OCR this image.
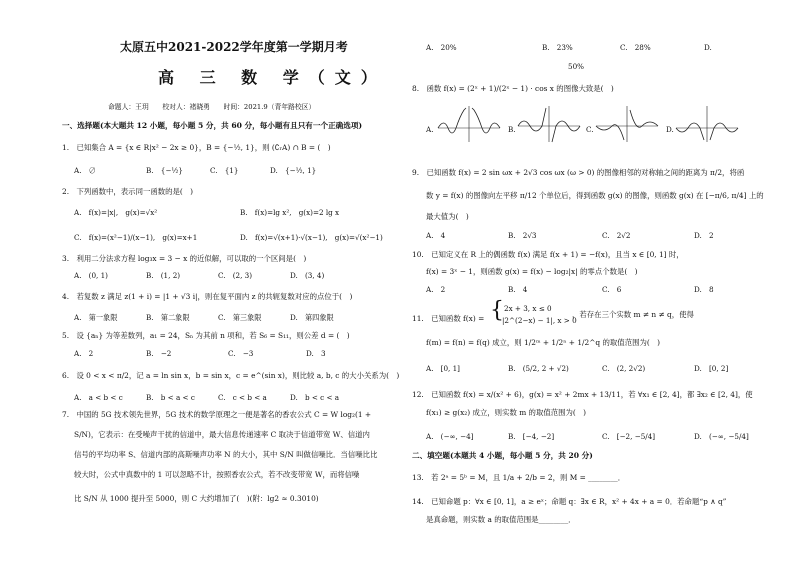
太原五中2021-2022学年度第一学期月考
高 三 数 学（文）
命题人：王玥　　校对人：褚晓勇　　时间：2021.9（青年路校区）
一、选择题(本大题共 12 小题，每小题 5 分，共 60 分，每小题有且只有一个正确选项)
1.　已知集合 A = {x ∈ R|x² − 2x ≥ 0}，B = {−½, 1}，则 (∁ᵣA) ∩ B = (　)
A.　∅	B.　{−½}	C.　{1}	D.　{−½, 1}
2.　下列函数中，表示同一函数的是(　)
A.　f(x)=|x|,　g(x)=√x²	B.　f(x)=lg x²,　g(x)=2 lg x
C.　f(x)=(x²−1)/(x−1),　g(x)=x+1	D.　f(x)=√(x+1)·√(x−1),　g(x)=√(x²−1)
3.　利用二分法求方程 log₃x = 3 − x 的近似解，可以取的一个区间是(　)
A.　(0, 1)	B.　(1, 2)	C.　(2, 3)	D.　(3, 4)
4.　若复数 z 满足 z(1 + i) = |1 + √3 i|，则在复平面内 z 的共轭复数对应的点位于(　)
A.　第一象限	B.　第二象限	C.　第三象限	D.　第四象限
5.　设 {aₙ} 为等差数列，a₁ = 24，Sₙ 为其前 n 项和，若 S₆ = S₁₁，则公差 d = (　)
A.　2	B.　−2	C.　−3	D.　3
6.　设 0 < x < π/2，记 a = ln sin x，b = sin x，c = e^(sin x)，则比较 a, b, c 的大小关系为(　)
A.　a < b < c	B.　b < a < c	C.　c < b < a	D.　b < c < a
7.　中国的 5G 技术领先世界，5G 技术的数学原理之一便是著名的香农公式 C = W log₂(1 +
S/N)，它表示：在受噪声干扰的信道中，最大信息传递速率 C 取决于信道带宽 W、信道内
信号的平均功率 S、信道内部的高斯噪声功率 N 的大小，其中 S/N 叫做信噪比．当信噪比比
较大时，公式中真数中的 1 可以忽略不计，按照香农公式，若不改变带宽 W，而将信噪
比 S/N 从 1000 提升至 5000，则 C 大约增加了(　)(附：lg2 ≈ 0.3010)
A.　20%	B.　23%	C.　28%	D.
50%
8.　函数 f(x) = (2ˣ + 1)/(2ˣ − 1) · cos x 的图像大致是(　)
A.	B.	C.	D.
9.　已知函数 f(x) = 2 sin ωx + 2√3 cos ωx (ω > 0) 的图像相邻的对称轴之间的距离为 π/2，将函
数 y = f(x) 的图像向左平移 π/12 个单位后，得到函数 g(x) 的图像，则函数 g(x) 在 [−π/6, π/4] 上的
最大值为(　)
A.　4	B.　2√3	C.　2√2	D.　2
10.　已知定义在 R 上的偶函数 f(x) 满足 f(x + 1) = −f(x)，且当 x ∈ [0, 1] 时，
f(x) = 3ˣ − 1，则函数 g(x) = f(x) − log₂|x| 的零点个数是(　)
A.　2	B.　4	C.　6	D.　8
11.　已知函数 f(x) = { 2x + 3, x ≤ 0
|2^(2−x) − 1|, x > 0
，若存在三个实数 m ≠ n ≠ q，使得
f(m) = f(n) = f(q) 成立，则 1/2ᵐ + 1/2ⁿ + 1/2^q 的取值范围为(　)
A.　[0, 1]	B.　(5/2, 2 + √2)	C.　(2, 2√2)	D.　[0, 2]
12.　已知函数 f(x) = x/(x² + 6)，g(x) = x² + 2mx + 13/11，若 ∀x₁ ∈ [2, 4]，都 ∃x₂ ∈ [2, 4]，使
f(x₁) ≥ g(x₂) 成立，则实数 m 的取值范围为(　)
A.　(−∞, −4]	B.　[−4, −2]	C.　[−2, −5/4]	D.　(−∞, −5/4]
二、填空题(本题共 4 小题，每小题 5 分，共 20 分)
13.　若 2ᵃ = 5ᵇ = M，且 1/a + 2/b = 2，则 M = ________．
14.　已知命题 p：∀x ∈ [0, 1]，a ≥ eˣ；命题 q：∃x ∈ R，x² + 4x + a = 0．若命题“p ∧ q”
是真命题，则实数 a 的取值范围是________．
